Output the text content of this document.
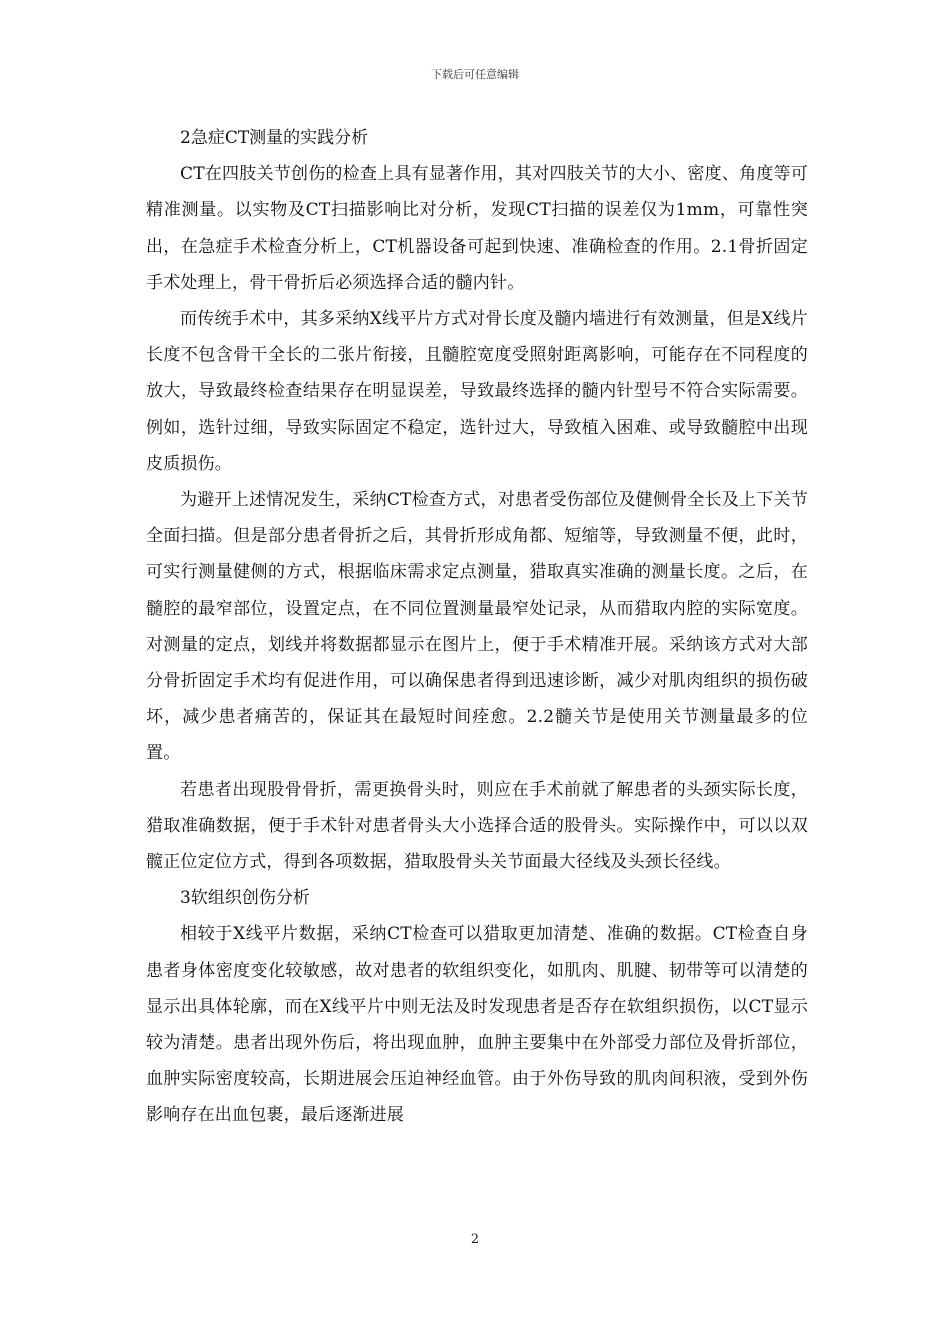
下载后可任意编辑

2急症CT测量的实践分析

CT在四肢关节创伤的检查上具有显著作用，其对四肢关节的大小、密度、角度等可精准测量。以实物及CT扫描影响比对分析，发现CT扫描的误差仅为1mm，可靠性突出，在急症手术检查分析上，CT机器设备可起到快速、准确检查的作用。2.1骨折固定手术处理上，骨干骨折后必须选择合适的髓内针。

而传统手术中，其多采纳X线平片方式对骨长度及髓内墙进行有效测量，但是X线片长度不包含骨干全长的二张片衔接，且髓腔宽度受照射距离影响，可能存在不同程度的放大，导致最终检查结果存在明显误差，导致最终选择的髓内针型号不符合实际需要。例如，选针过细，导致实际固定不稳定，选针过大，导致植入困难、或导致髓腔中出现皮质损伤。

为避开上述情况发生，采纳CT检查方式，对患者受伤部位及健侧骨全长及上下关节全面扫描。但是部分患者骨折之后，其骨折形成角都、短缩等，导致测量不便，此时，可实行测量健侧的方式，根据临床需求定点测量，猎取真实准确的测量长度。之后，在髓腔的最窄部位，设置定点，在不同位置测量最窄处记录，从而猎取内腔的实际宽度。对测量的定点，划线并将数据都显示在图片上，便于手术精准开展。采纳该方式对大部分骨折固定手术均有促进作用，可以确保患者得到迅速诊断，减少对肌肉组织的损伤破坏，减少患者痛苦的，保证其在最短时间痊愈。2.2髓关节是使用关节测量最多的位置。

若患者出现股骨骨折，需更换骨头时，则应在手术前就了解患者的头颈实际长度，猎取准确数据，便于手术针对患者骨头大小选择合适的股骨头。实际操作中，可以以双髋正位定位方式，得到各项数据，猎取股骨头关节面最大径线及头颈长径线。

3软组织创伤分析

相较于X线平片数据，采纳CT检查可以猎取更加清楚、准确的数据。CT检查自身患者身体密度变化较敏感，故对患者的软组织变化，如肌肉、肌腱、韧带等可以清楚的显示出具体轮廓，而在X线平片中则无法及时发现患者是否存在软组织损伤，以CT显示较为清楚。患者出现外伤后，将出现血肿，血肿主要集中在外部受力部位及骨折部位，血肿实际密度较高，长期进展会压迫神经血管。由于外伤导致的肌肉间积液，受到外伤影响存在出血包裹，最后逐渐进展

2
